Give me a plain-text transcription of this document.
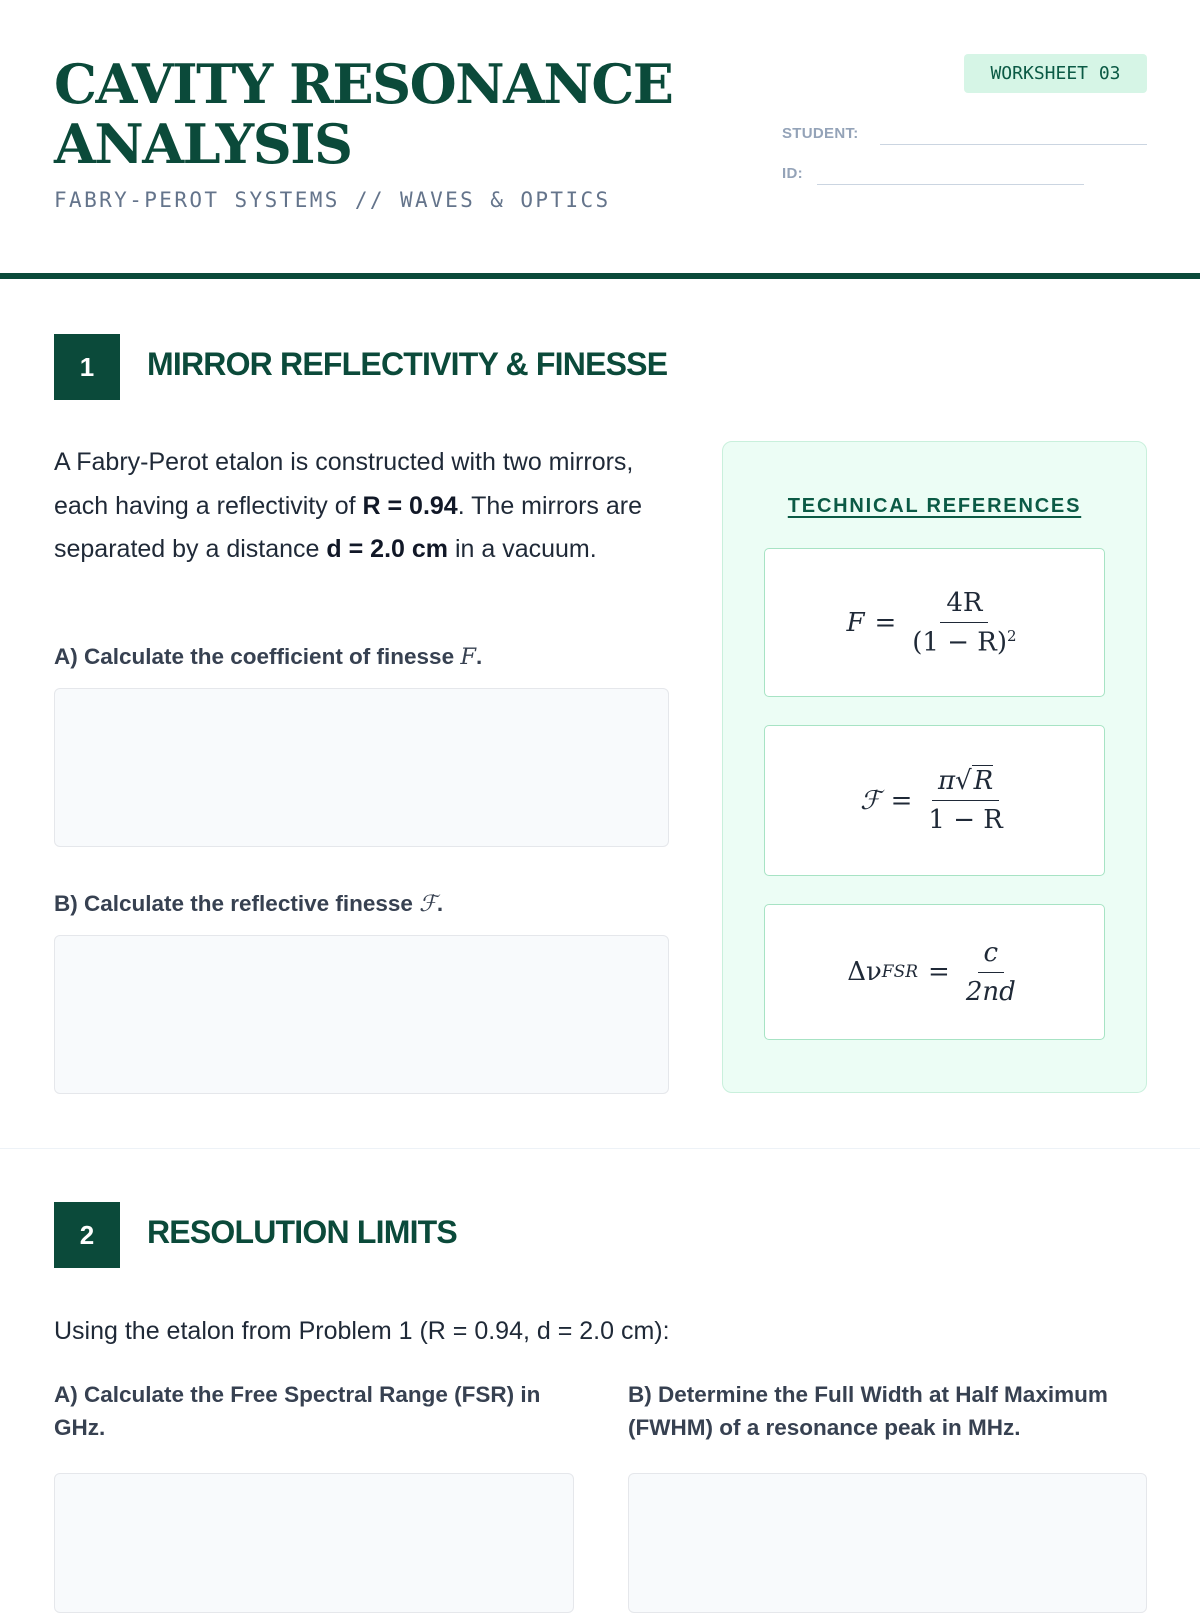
CAVITY RESONANCE
ANALYSIS
FABRY-PEROT SYSTEMS // WAVES & OPTICS
WORKSHEET 03
STUDENT:
ID:
1	MIRROR REFLECTIVITY & FINESSE
A Fabry-Perot etalon is constructed with two mirrors, each having a reflectivity of R = 0.94. The mirrors are separated by a distance d = 2.0 cm in a vacuum.
A) Calculate the coefficient of finesse F.
B) Calculate the reflective finesse ℱ.
TECHNICAL REFERENCES
$F = \frac{4R}{(1 - R)^2}$
ℱ = $\frac{\pi√R}{1 - R}$
Δν FSR = $\frac{c}{2nd}$
2	RESOLUTION LIMITS
Using the etalon from Problem 1 (R = 0.94, d = 2.0 cm):
A) Calculate the Free Spectral Range (FSR) in GHz.
B) Determine the Full Width at Half Maximum (FWHM) of a resonance peak in MHz.
